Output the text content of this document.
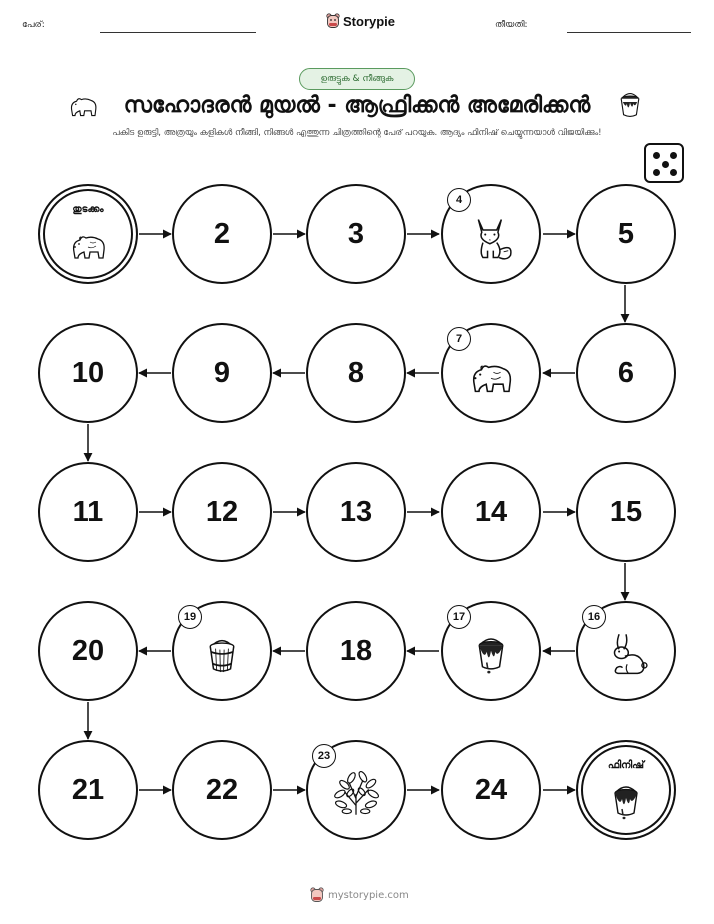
പേര്:	Storypie	തീയതി:
ഉരുട്ടുക & നീങ്ങുക
സഹോദരൻ മുയൽ - ആഫ്രിക്കൻ അമേരിക്കൻ
പകിട ഉരുട്ടി, അത്രയും കളികൾ നീങ്ങി, നിങ്ങൾ എത്തുന്ന ചിത്രത്തിന്റെ പേര് പറയുക. ആദ്യം ഫിനിഷ് ചെയ്യുന്നയാൾ വിജയിക്കും!
തുടക്കം
2	3
4
5
6
7
8
9
10
11	12	13	14	15
16
17
18
19
20
21	22
23
24
ഫിനിഷ്
mystorypie.com
